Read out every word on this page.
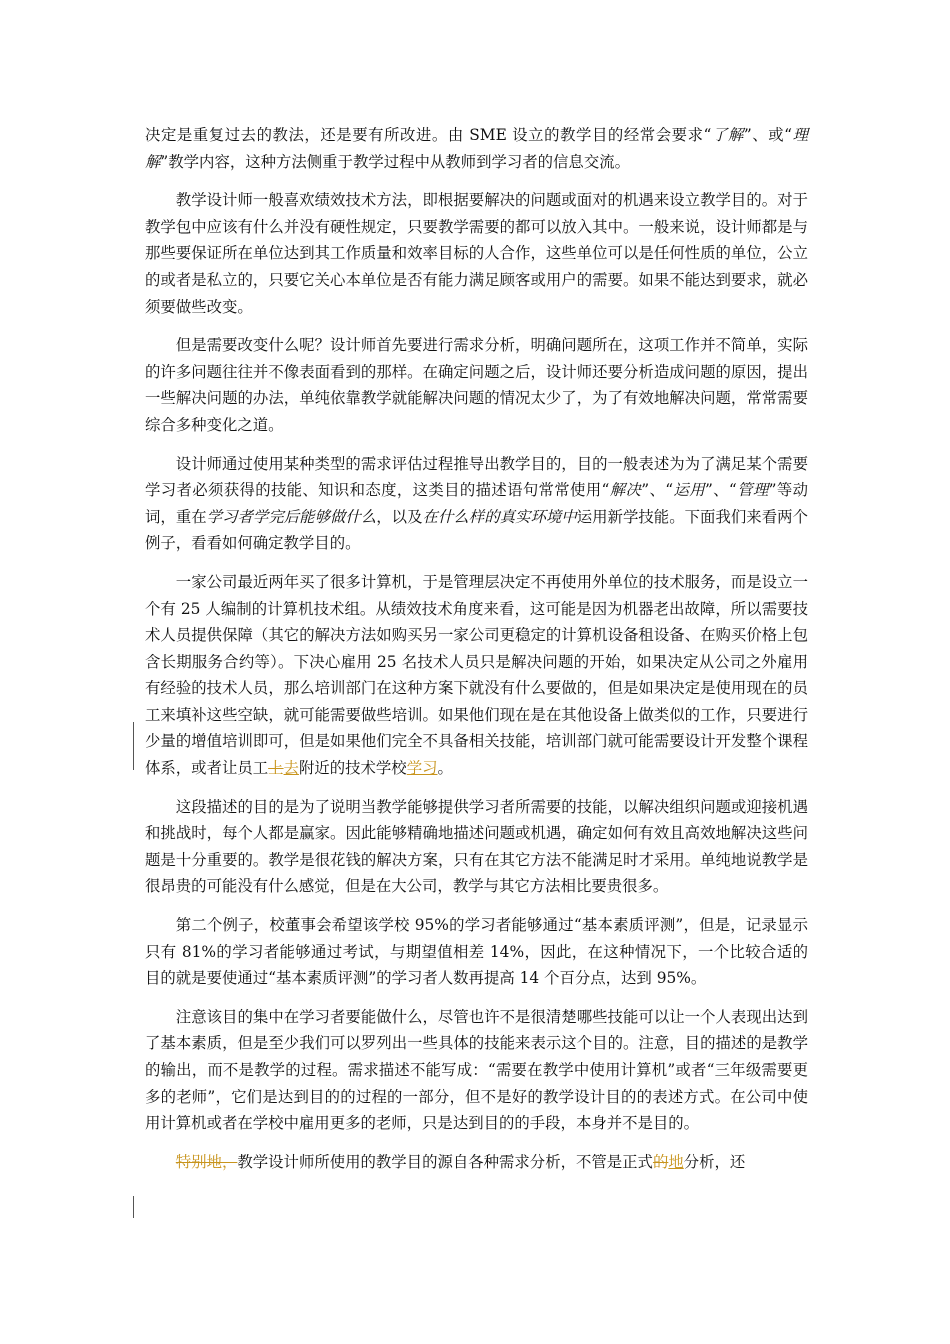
决定是重复过去的教法，还是要有所改进。由 SME 设立的教学目的经常会要求“了解”、或“理解”教学内容，这种方法侧重于教学过程中从教师到学习者的信息交流。

教学设计师一般喜欢绩效技术方法，即根据要解决的问题或面对的机遇来设立教学目的。对于教学包中应该有什么并没有硬性规定，只要教学需要的都可以放入其中。一般来说，设计师都是与那些要保证所在单位达到其工作质量和效率目标的人合作，这些单位可以是任何性质的单位，公立的或者是私立的，只要它关心本单位是否有能力满足顾客或用户的需要。如果不能达到要求，就必须要做些改变。

但是需要改变什么呢？设计师首先要进行需求分析，明确问题所在，这项工作并不简单，实际的许多问题往往并不像表面看到的那样。在确定问题之后，设计师还要分析造成问题的原因，提出一些解决问题的办法，单纯依靠教学就能解决问题的情况太少了，为了有效地解决问题，常常需要综合多种变化之道。

设计师通过使用某种类型的需求评估过程推导出教学目的，目的一般表述为为了满足某个需要学习者必须获得的技能、知识和态度，这类目的描述语句常常使用“解决”、“运用”、“管理”等动词，重在学习者学完后能够做什么，以及在什么样的真实环境中运用新学技能。下面我们来看两个例子，看看如何确定教学目的。

一家公司最近两年买了很多计算机，于是管理层决定不再使用外单位的技术服务，而是设立一个有 25 人编制的计算机技术组。从绩效技术角度来看，这可能是因为机器老出故障，所以需要技术人员提供保障（其它的解决方法如购买另一家公司更稳定的计算机设备租设备、在购买价格上包含长期服务合约等）。下决心雇用 25 名技术人员只是解决问题的开始，如果决定从公司之外雇用有经验的技术人员，那么培训部门在这种方案下就没有什么要做的，但是如果决定是使用现在的员工来填补这些空缺，就可能需要做些培训。如果他们现在是在其他设备上做类似的工作，只要进行少量的增值培训即可，但是如果他们完全不具备相关技能，培训部门就可能需要设计开发整个课程体系，或者让员工上去附近的技术学校学习。

这段描述的目的是为了说明当教学能够提供学习者所需要的技能，以解决组织问题或迎接机遇和挑战时，每个人都是赢家。因此能够精确地描述问题或机遇，确定如何有效且高效地解决这些问题是十分重要的。教学是很花钱的解决方案，只有在其它方法不能满足时才采用。单纯地说教学是很昂贵的可能没有什么感觉，但是在大公司，教学与其它方法相比要贵很多。

第二个例子，校董事会希望该学校 95%的学习者能够通过“基本素质评测”，但是，记录显示只有 81%的学习者能够通过考试，与期望值相差 14%，因此，在这种情况下，一个比较合适的目的就是要使通过“基本素质评测”的学习者人数再提高 14 个百分点，达到 95%。

注意该目的集中在学习者要能做什么，尽管也许不是很清楚哪些技能可以让一个人表现出达到了基本素质，但是至少我们可以罗列出一些具体的技能来表示这个目的。注意，目的描述的是教学的输出，而不是教学的过程。需求描述不能写成：“需要在教学中使用计算机”或者“三年级需要更多的老师”，它们是达到目的的过程的一部分，但不是好的教学设计目的的表述方式。在公司中使用计算机或者在学校中雇用更多的老师，只是达到目的的手段，本身并不是目的。

特别地，教学设计师所使用的教学目的源自各种需求分析，不管是正式的地分析，还
